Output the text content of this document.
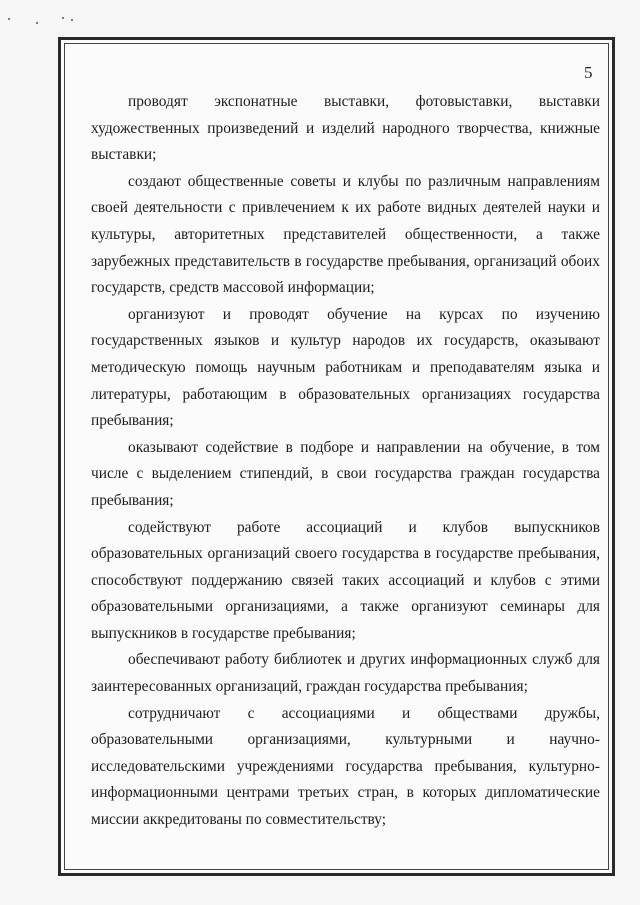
5

проводят экспонатные выставки, фотовыставки, выставки художественных произведений и изделий народного творчества, книжные выставки;

создают общественные советы и клубы по различным направлениям своей деятельности с привлечением к их работе видных деятелей науки и культуры, авторитетных представителей общественности, а также зарубежных представительств в государстве пребывания, организаций обоих государств, средств массовой информации;

организуют и проводят обучение на курсах по изучению государственных языков и культур народов их государств, оказывают методическую помощь научным работникам и преподавателям языка и литературы, работающим в образовательных организациях государства пребывания;

оказывают содействие в подборе и направлении на обучение, в том числе с выделением стипендий, в свои государства граждан государства пребывания;

содействуют работе ассоциаций и клубов выпускников образовательных организаций своего государства в государстве пребывания, способствуют поддержанию связей таких ассоциаций и клубов с этими образовательными организациями, а также организуют семинары для выпускников в государстве пребывания;

обеспечивают работу библиотек и других информационных служб для заинтересованных организаций, граждан государства пребывания;

сотрудничают с ассоциациями и обществами дружбы, образовательными организациями, культурными и научно-исследовательскими учреждениями государства пребывания, культурно-информационными центрами третьих стран, в которых дипломатические миссии аккредитованы по совместительству;
